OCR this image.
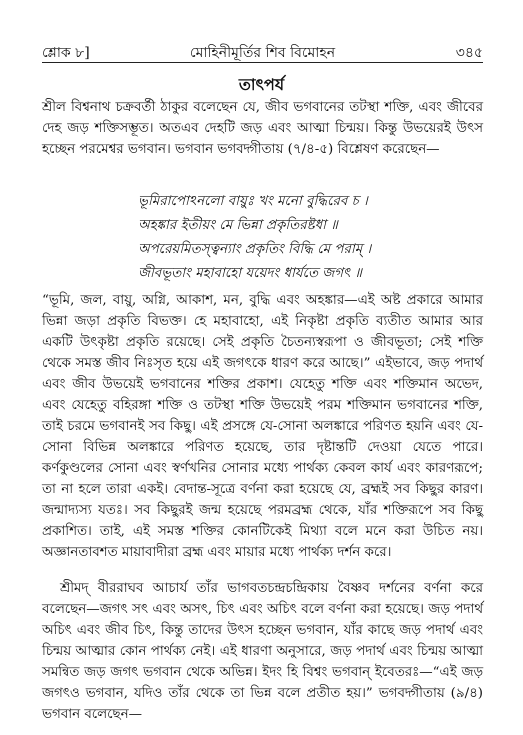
শ্লোক ৮]	মোহিনীমূর্তির শিব বিমোহন	৩৪৫
তাৎপর্য

শ্রীল বিশ্বনাথ চক্রবর্তী ঠাকুর বলেছেন যে, জীব ভগবানের তটস্থা শক্তি, এবং জীবের দেহ জড় শক্তিসম্ভূত। অতএব দেহটি জড় এবং আত্মা চিন্ময়। কিন্তু উভয়েরই উৎস হচ্ছেন পরমেশ্বর ভগবান। ভগবান ভগবদ্গীতায় (৭/৪-৫) বিশ্লেষণ করেছেন—

ভূমিরাপোঽনলো বায়ুঃ খং মনো বুদ্ধিরেব চ ।

অহঙ্কার ইতীয়ং মে ভিন্না প্রকৃতিরষ্টধা ॥

অপরেয়মিতস্ত্বন্যাং প্রকৃতিং বিদ্ধি মে পরাম্ ।

জীবভূতাং মহাবাহো যয়েদং ধার্যতে জগৎ ॥

“ভূমি, জল, বায়ু, অগ্নি, আকাশ, মন, বুদ্ধি এবং অহঙ্কার—এই অষ্ট প্রকারে আমার ভিন্না জড়া প্রকৃতি বিভক্ত। হে মহাবাহো, এই নিকৃষ্টা প্রকৃতি ব্যতীত আমার আর একটি উৎকৃষ্টা প্রকৃতি রয়েছে। সেই প্রকৃতি চৈতন্যস্বরূপা ও জীবভূতা; সেই শক্তি থেকে সমস্ত জীব নিঃসৃত হয়ে এই জগৎকে ধারণ করে আছে।” এইভাবে, জড় পদার্থ এবং জীব উভয়েই ভগবানের শক্তির প্রকাশ। যেহেতু শক্তি এবং শক্তিমান অভেদ, এবং যেহেতু বহিরঙ্গা শক্তি ও তটস্থা শক্তি উভয়েই পরম শক্তিমান ভগবানের শক্তি, তাই চরমে ভগবানই সব কিছু। এই প্রসঙ্গে যে-সোনা অলঙ্কারে পরিণত হয়নি এবং যে-সোনা বিভিন্ন অলঙ্কারে পরিণত হয়েছে, তার দৃষ্টান্তটি দেওয়া যেতে পারে। কর্ণকুণ্ডলের সোনা এবং স্বর্ণখনির সোনার মধ্যে পার্থক্য কেবল কার্য এবং কারণরূপে; তা না হলে তারা একই। বেদান্ত-সূত্রে বর্ণনা করা হয়েছে যে, ব্রহ্মই সব কিছুর কারণ। জন্মাদ্যস্য যতঃ। সব কিছুরই জন্ম হয়েছে পরমব্রহ্ম থেকে, যাঁর শক্তিরূপে সব কিছু প্রকাশিত। তাই, এই সমস্ত শক্তির কোনটিকেই মিথ্যা বলে মনে করা উচিত নয়। অজ্ঞানতাবশত মায়াবাদীরা ব্রহ্ম এবং মায়ার মধ্যে পার্থক্য দর্শন করে।

শ্রীমদ্ বীররাঘব আচার্য তাঁর ভাগবতচন্দ্রচন্দ্রিকায় বৈষ্ণব দর্শনের বর্ণনা করে বলেছেন—জগৎ সৎ এবং অসৎ, চিৎ এবং অচিৎ বলে বর্ণনা করা হয়েছে। জড় পদার্থ অচিৎ এবং জীব চিৎ, কিন্তু তাদের উৎস হচ্ছেন ভগবান, যাঁর কাছে জড় পদার্থ এবং চিন্ময় আত্মার কোন পার্থক্য নেই। এই ধারণা অনুসারে, জড় পদার্থ এবং চিন্ময় আত্মা সমন্বিত জড় জগৎ ভগবান থেকে অভিন্ন। ইদং হি বিশ্বং ভগবান্ ইবেতরঃ—“এই জড় জগৎও ভগবান, যদিও তাঁর থেকে তা ভিন্ন বলে প্রতীত হয়।” ভগবদ্গীতায় (৯/৪) ভগবান বলেছেন—
